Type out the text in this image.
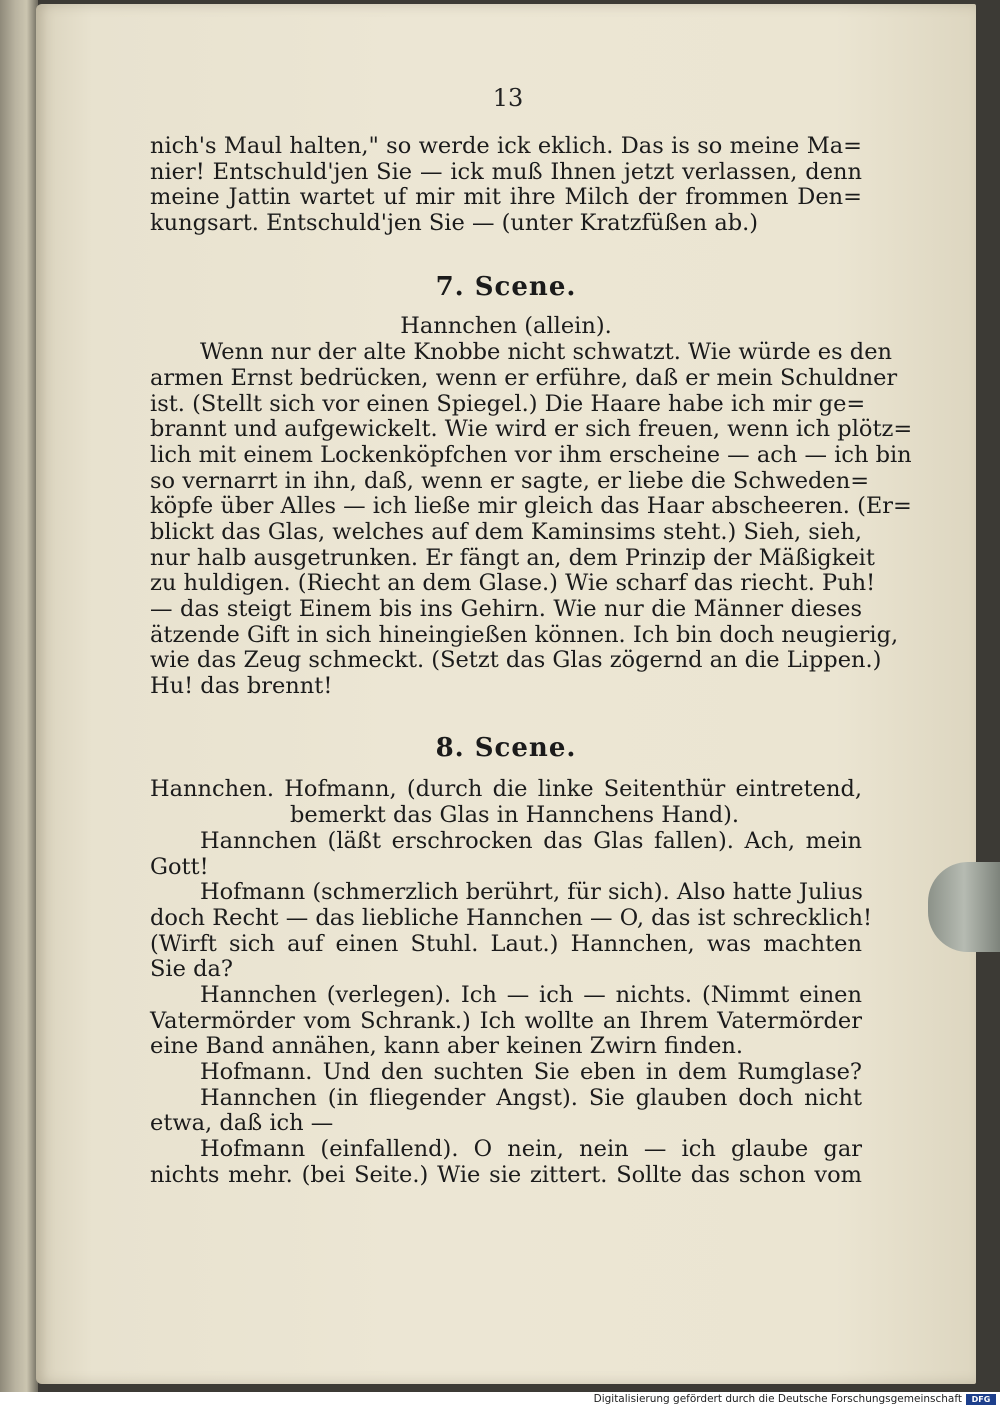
13
nich's Maul halten," so werde ick eklich. Das is so meine Ma=
nier! Entschuld'jen Sie — ick muß Ihnen jetzt verlassen, denn
meine Jattin wartet uf mir mit ihre Milch der frommen Den=
kungsart. Entschuld'jen Sie — (unter Kratzfüßen ab.)
7. Scene.
Hannchen (allein).
Wenn nur der alte Knobbe nicht schwatzt. Wie würde es den
armen Ernst bedrücken, wenn er erführe, daß er mein Schuldner
ist. (Stellt sich vor einen Spiegel.) Die Haare habe ich mir ge=
brannt und aufgewickelt. Wie wird er sich freuen, wenn ich plötz=
lich mit einem Lockenköpfchen vor ihm erscheine — ach — ich bin
so vernarrt in ihn, daß, wenn er sagte, er liebe die Schweden=
köpfe über Alles — ich ließe mir gleich das Haar abscheeren. (Er=
blickt das Glas, welches auf dem Kaminsims steht.) Sieh, sieh,
nur halb ausgetrunken. Er fängt an, dem Prinzip der Mäßigkeit
zu huldigen. (Riecht an dem Glase.) Wie scharf das riecht. Puh!
— das steigt Einem bis ins Gehirn. Wie nur die Männer dieses
ätzende Gift in sich hineingießen können. Ich bin doch neugierig,
wie das Zeug schmeckt. (Setzt das Glas zögernd an die Lippen.)
Hu! das brennt!
8. Scene.
Hannchen. Hofmann, (durch die linke Seitenthür eintretend,
bemerkt das Glas in Hannchens Hand).
Hannchen (läßt erschrocken das Glas fallen). Ach, mein
Gott!
Hofmann (schmerzlich berührt, für sich). Also hatte Julius
doch Recht — das liebliche Hannchen — O, das ist schrecklich!
(Wirft sich auf einen Stuhl. Laut.) Hannchen, was machten
Sie da?
Hannchen (verlegen). Ich — ich — nichts. (Nimmt einen
Vatermörder vom Schrank.) Ich wollte an Ihrem Vatermörder
eine Band annähen, kann aber keinen Zwirn finden.
Hofmann. Und den suchten Sie eben in dem Rumglase?
Hannchen (in fliegender Angst). Sie glauben doch nicht
etwa, daß ich —
Hofmann (einfallend). O nein, nein — ich glaube gar
nichts mehr. (bei Seite.) Wie sie zittert. Sollte das schon vom
Digitalisierung gefördert durch die Deutsche Forschungsgemeinschaft	DFG
